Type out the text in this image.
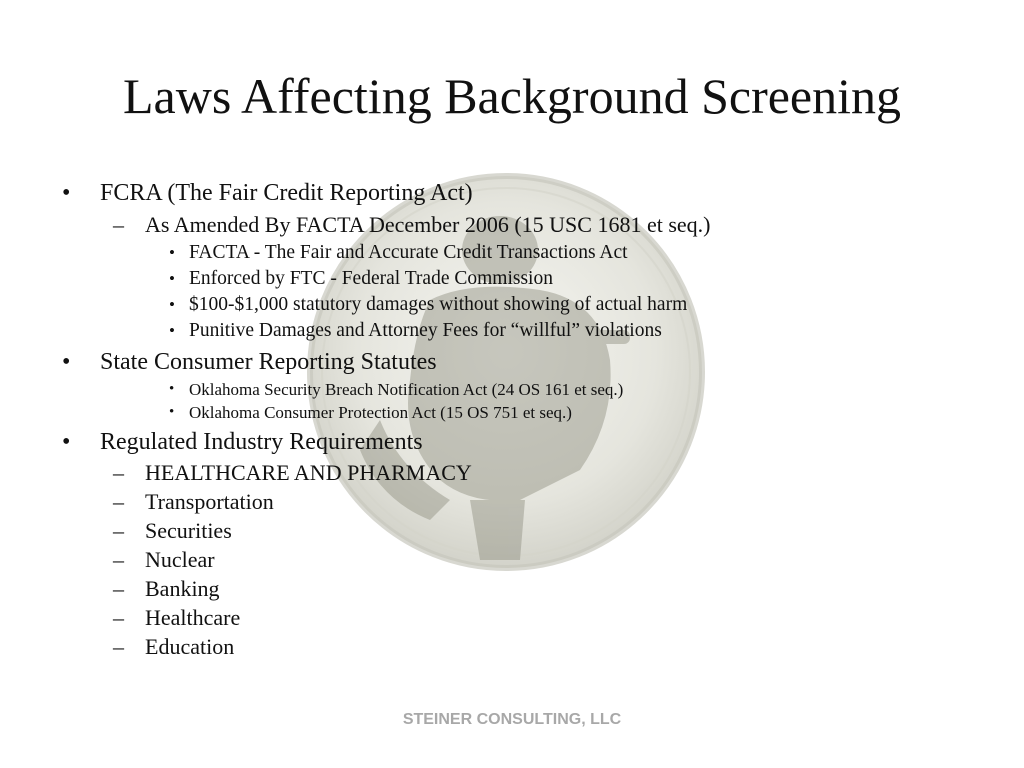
Laws Affecting Background Screening
• FCRA (The Fair Credit Reporting Act)
– As Amended By FACTA December 2006 (15 USC 1681 et seq.)
• FACTA - The Fair and Accurate Credit Transactions Act
• Enforced by FTC - Federal Trade Commission
• $100-$1,000 statutory damages without showing of actual harm
• Punitive Damages and Attorney Fees for “willful” violations
• State Consumer Reporting Statutes
• Oklahoma Security Breach Notification Act (24 OS 161 et seq.)
• Oklahoma Consumer Protection Act (15 OS 751 et seq.)
• Regulated Industry Requirements
– HEALTHCARE AND PHARMACY
– Transportation
– Securities
– Nuclear
– Banking
– Healthcare
– Education
STEINER CONSULTING, LLC
